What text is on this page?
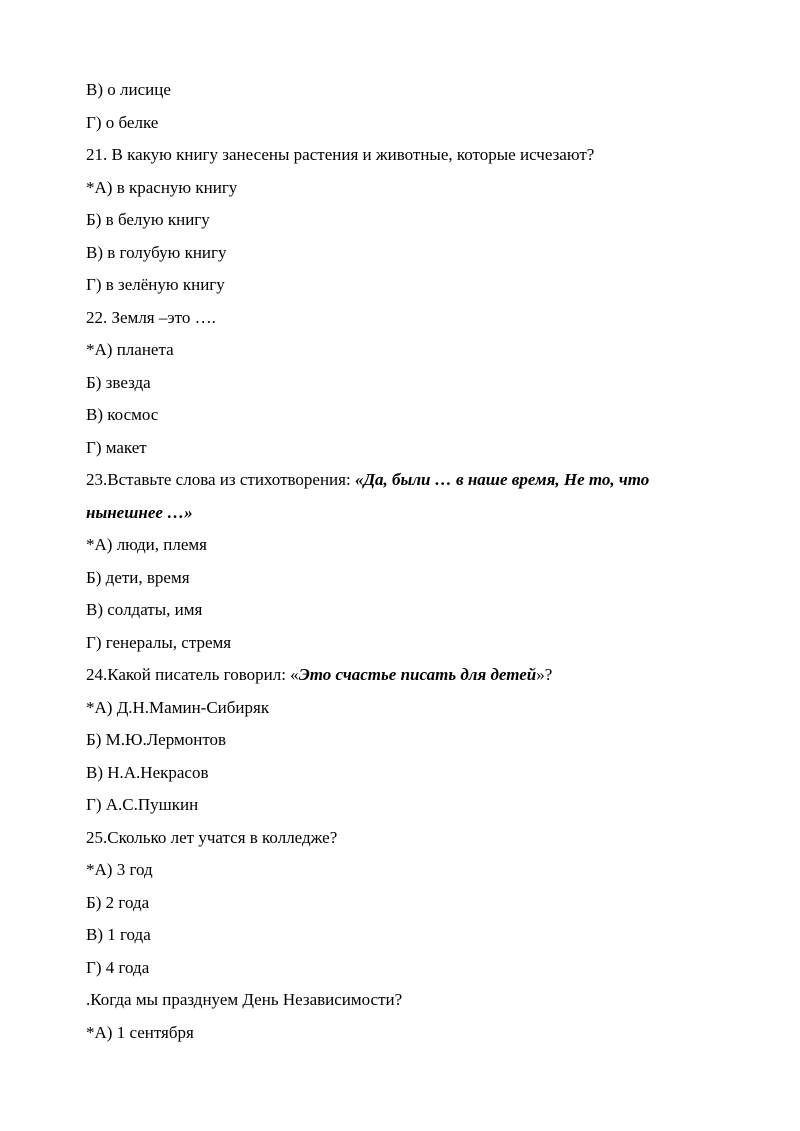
В) о лисице
Г) о белке
21. В какую книгу занесены растения и животные, которые исчезают?
*А) в красную книгу
Б) в белую книгу
В) в голубую книгу
Г) в зелёную книгу
22. Земля –это ….
*А) планета
Б) звезда
В) космос
Г) макет
23.Вставьте слова из стихотворения: «Да, были … в наше время, Не то, что
нынешнее …»
*А) люди, племя
Б) дети, время
В) солдаты, имя
Г) генералы, стремя
24.Какой писатель говорил: «Это счастье писать для детей»?
*А) Д.Н.Мамин-Сибиряк
Б) М.Ю.Лермонтов
В) Н.А.Некрасов
Г) А.С.Пушкин
25.Сколько лет учатся в колледже?
*А) 3 год
Б) 2 года
В) 1 года
Г) 4 года
.Когда мы празднуем День Независимости?
*А) 1 сентября
